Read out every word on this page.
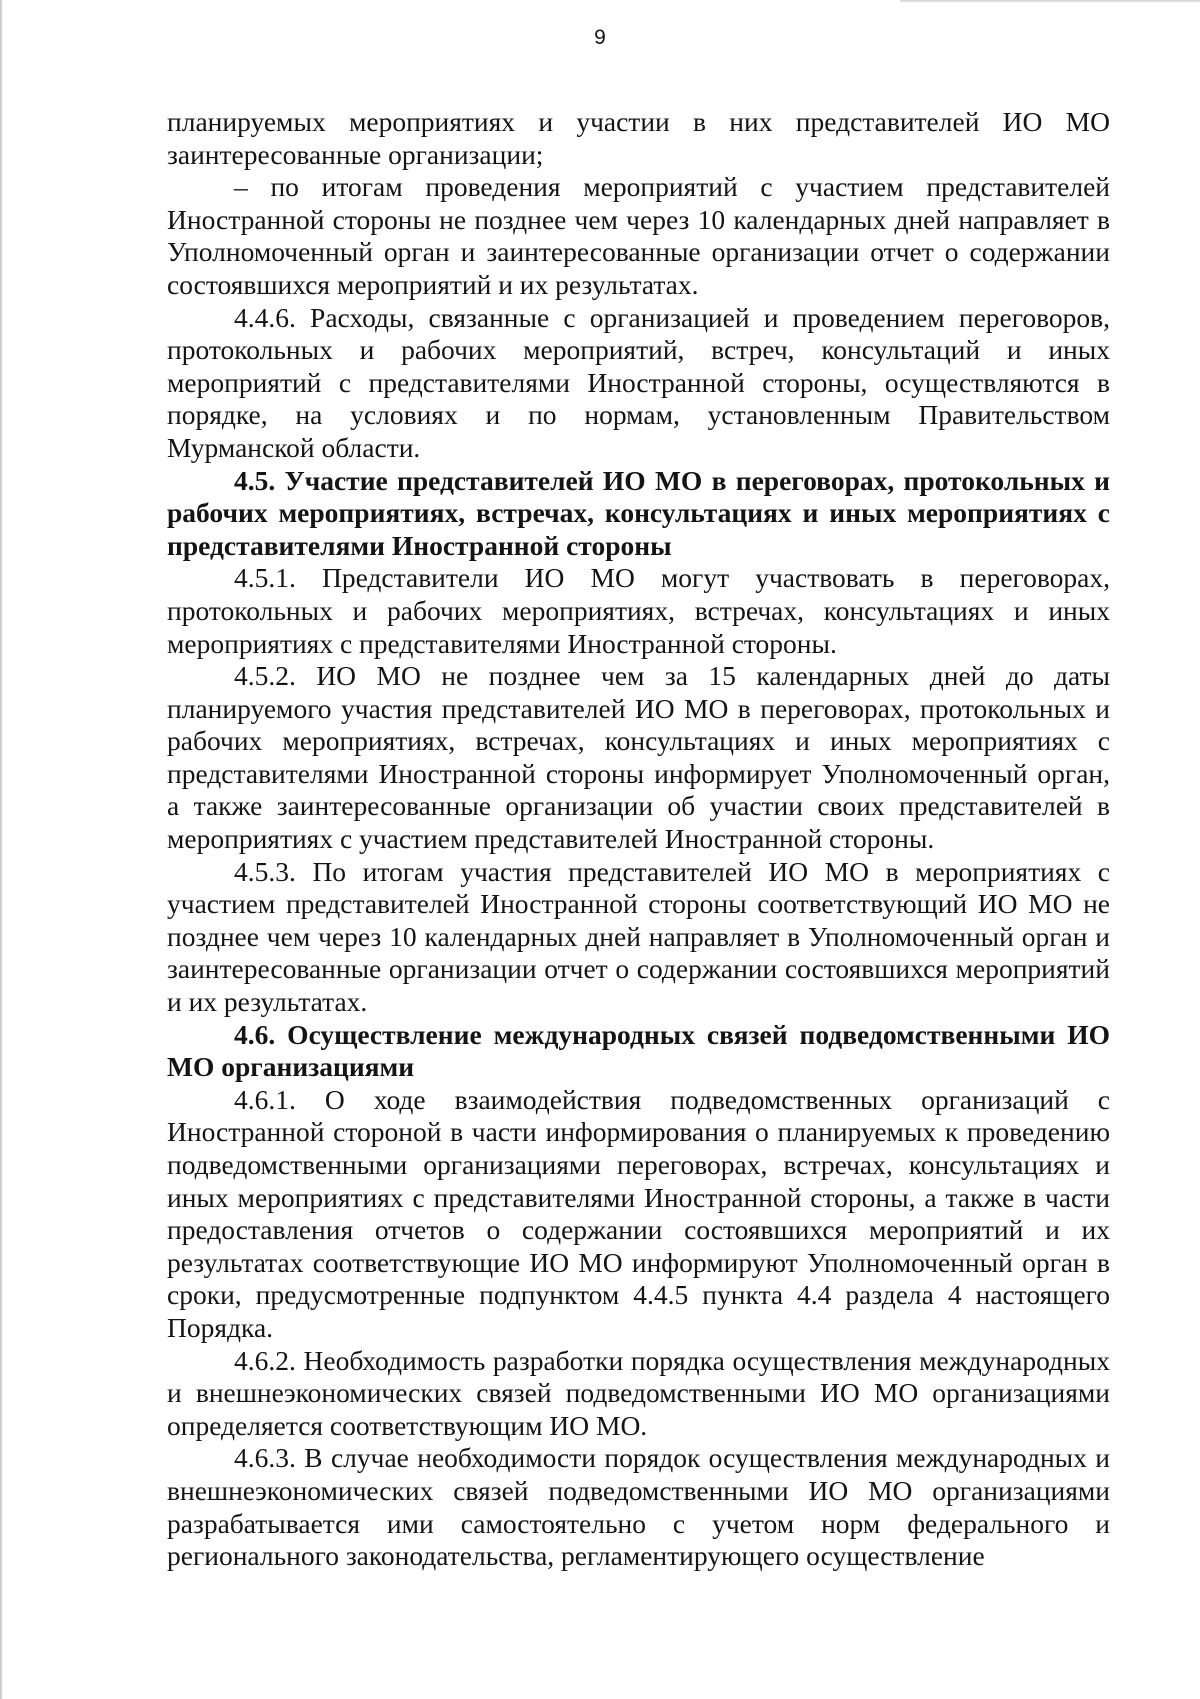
9

планируемых мероприятиях и участии в них представителей ИО МО заинтересованные организации;

– по итогам проведения мероприятий с участием представителей Иностранной стороны не позднее чем через 10 календарных дней направляет в Уполномоченный орган и заинтересованные организации отчет о содержании состоявшихся мероприятий и их результатах.

4.4.6. Расходы, связанные с организацией и проведением переговоров, протокольных и рабочих мероприятий, встреч, консультаций и иных мероприятий с представителями Иностранной стороны, осуществляются в порядке, на условиях и по нормам, установленным Правительством Мурманской области.

4.5. Участие представителей ИО МО в переговорах, протокольных и рабочих мероприятиях, встречах, консультациях и иных мероприятиях с представителями Иностранной стороны

4.5.1. Представители ИО МО могут участвовать в переговорах, протокольных и рабочих мероприятиях, встречах, консультациях и иных мероприятиях с представителями Иностранной стороны.

4.5.2. ИО МО не позднее чем за 15 календарных дней до даты планируемого участия представителей ИО МО в переговорах, протокольных и рабочих мероприятиях, встречах, консультациях и иных мероприятиях с представителями Иностранной стороны информирует Уполномоченный орган, а также заинтересованные организации об участии своих представителей в мероприятиях с участием представителей Иностранной стороны.

4.5.3. По итогам участия представителей ИО МО в мероприятиях с участием представителей Иностранной стороны соответствующий ИО МО не позднее чем через 10 календарных дней направляет в Уполномоченный орган и заинтересованные организации отчет о содержании состоявшихся мероприятий и их результатах.

4.6. Осуществление международных связей подведомственными ИО МО организациями

4.6.1. О ходе взаимодействия подведомственных организаций с Иностранной стороной в части информирования о планируемых к проведению подведомственными организациями переговорах, встречах, консультациях и иных мероприятиях с представителями Иностранной стороны, а также в части предоставления отчетов о содержании состоявшихся мероприятий и их результатах соответствующие ИО МО информируют Уполномоченный орган в сроки, предусмотренные подпунктом 4.4.5 пункта 4.4 раздела 4 настоящего Порядка.

4.6.2. Необходимость разработки порядка осуществления международных и внешнеэкономических связей подведомственными ИО МО организациями определяется соответствующим ИО МО.

4.6.3. В случае необходимости порядок осуществления международных и внешнеэкономических связей подведомственными ИО МО организациями разрабатывается ими самостоятельно с учетом норм федерального и регионального законодательства, регламентирующего осуществление
